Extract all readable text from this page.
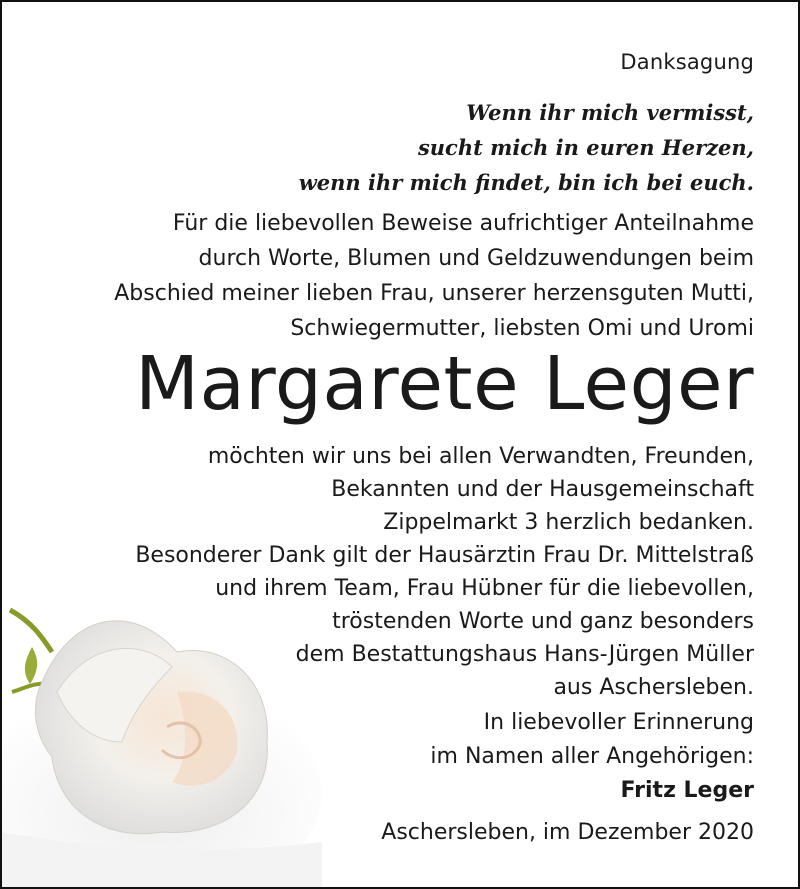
Danksagung
Wenn ihr mich vermisst,
sucht mich in euren Herzen,
wenn ihr mich findet, bin ich bei euch.
Für die liebevollen Beweise aufrichtiger Anteilnahme
durch Worte, Blumen und Geldzuwendungen beim
Abschied meiner lieben Frau, unserer herzensguten Mutti,
Schwiegermutter, liebsten Omi und Uromi
Margarete Leger
möchten wir uns bei allen Verwandten, Freunden,
Bekannten und der Hausgemeinschaft
Zippelmarkt 3 herzlich bedanken.
Besonderer Dank gilt der Hausärztin Frau Dr. Mittelstraß
und ihrem Team, Frau Hübner für die liebevollen,
tröstenden Worte und ganz besonders
dem Bestattungshaus Hans-Jürgen Müller
aus Aschersleben.
In liebevoller Erinnerung
im Namen aller Angehörigen:
Fritz Leger
Aschersleben, im Dezember 2020
